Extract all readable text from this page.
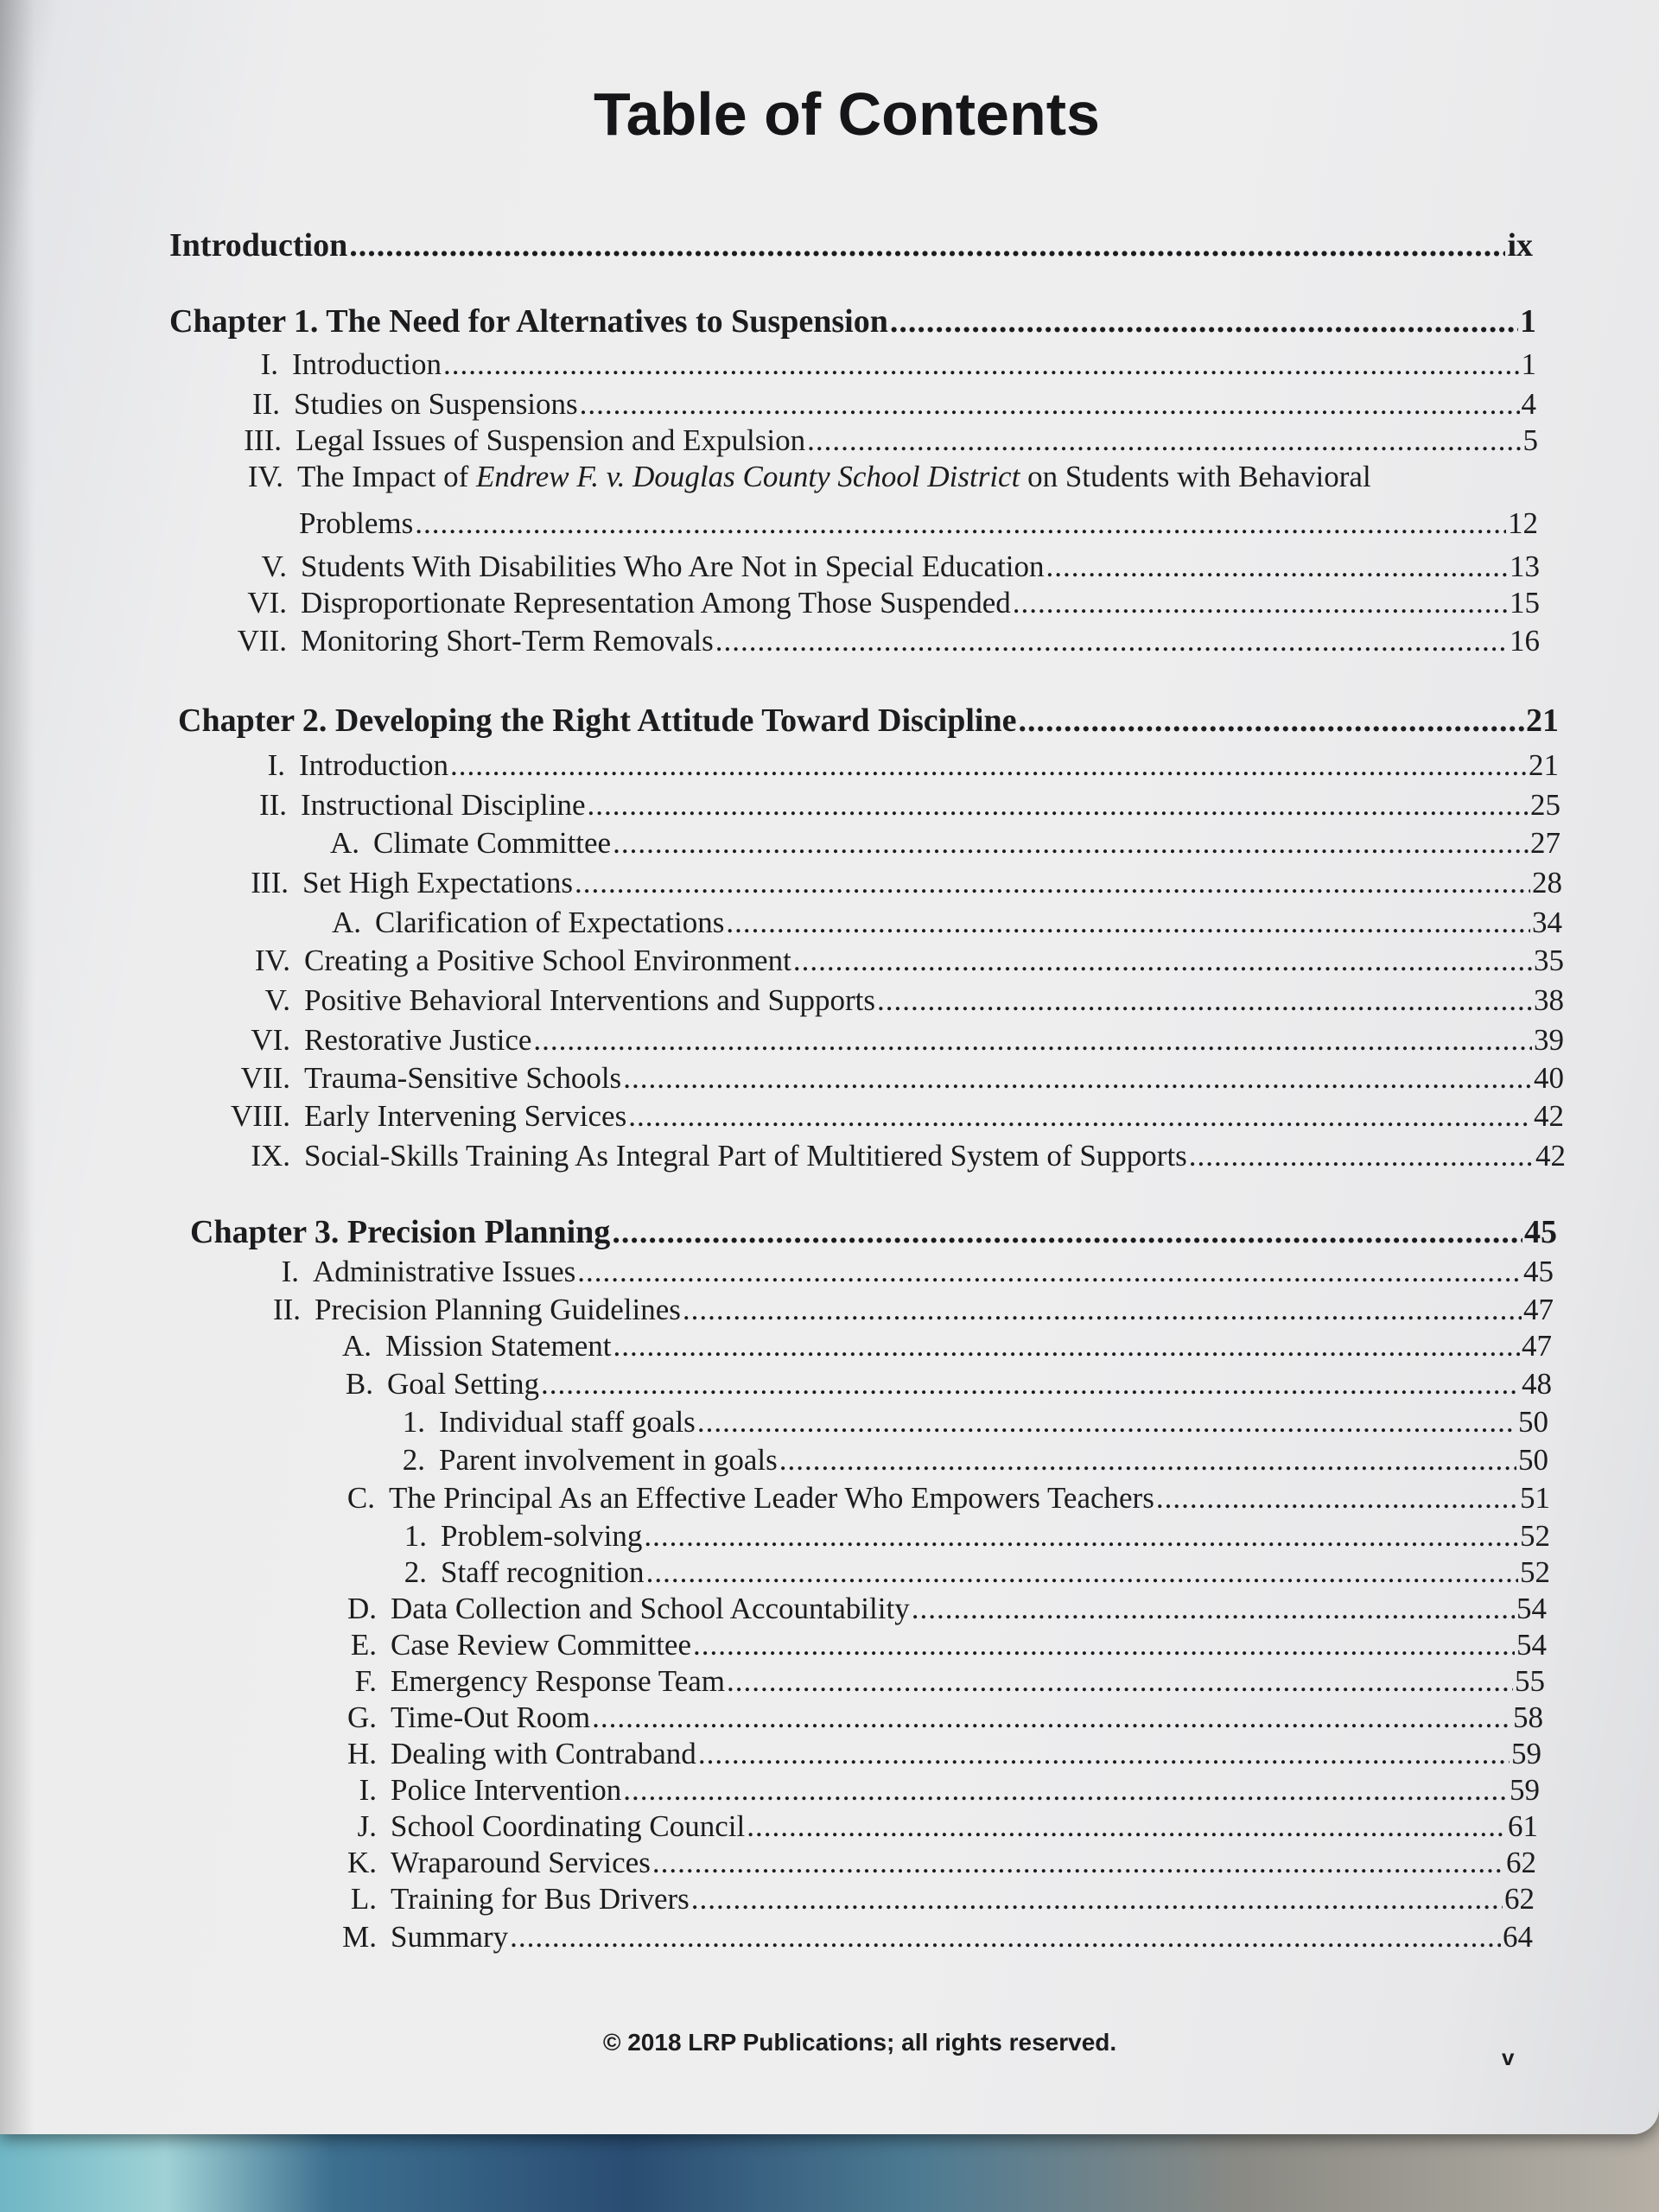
Table of Contents
Introduction .....	ix
Chapter 1. The Need for Alternatives to Suspension .....	1
I. Introduction .....	1
II. Studies on Suspensions .....	4
III. Legal Issues of Suspension and Expulsion .....	5
IV. The Impact of Endrew F. v. Douglas County School District on Students with Behavioral
Problems .....	12
V. Students With Disabilities Who Are Not in Special Education .....	13
VI. Disproportionate Representation Among Those Suspended .....	15
VII. Monitoring Short-Term Removals .....	16
Chapter 2. Developing the Right Attitude Toward Discipline .....	21
I. Introduction .....	21
II. Instructional Discipline .....	25
A. Climate Committee .....	27
III. Set High Expectations .....	28
A. Clarification of Expectations .....	34
IV. Creating a Positive School Environment .....	35
V. Positive Behavioral Interventions and Supports .....	38
VI. Restorative Justice .....	39
VII. Trauma-Sensitive Schools .....	40
VIII. Early Intervening Services .....	42
IX. Social-Skills Training As Integral Part of Multitiered System of Supports .....	42
Chapter 3. Precision Planning .....	45
I. Administrative Issues .....	45
II. Precision Planning Guidelines .....	47
A. Mission Statement .....	47
B. Goal Setting .....	48
1. Individual staff goals .....	50
2. Parent involvement in goals .....	50
C. The Principal As an Effective Leader Who Empowers Teachers .....	51
1. Problem-solving .....	52
2. Staff recognition .....	52
D. Data Collection and School Accountability .....	54
E. Case Review Committee .....	54
F. Emergency Response Team .....	55
G. Time-Out Room .....	58
H. Dealing with Contraband .....	59
I. Police Intervention .....	59
J. School Coordinating Council .....	61
K. Wraparound Services .....	62
L. Training for Bus Drivers .....	62
M. Summary .....	64
© 2018 LRP Publications; all rights reserved.
v
